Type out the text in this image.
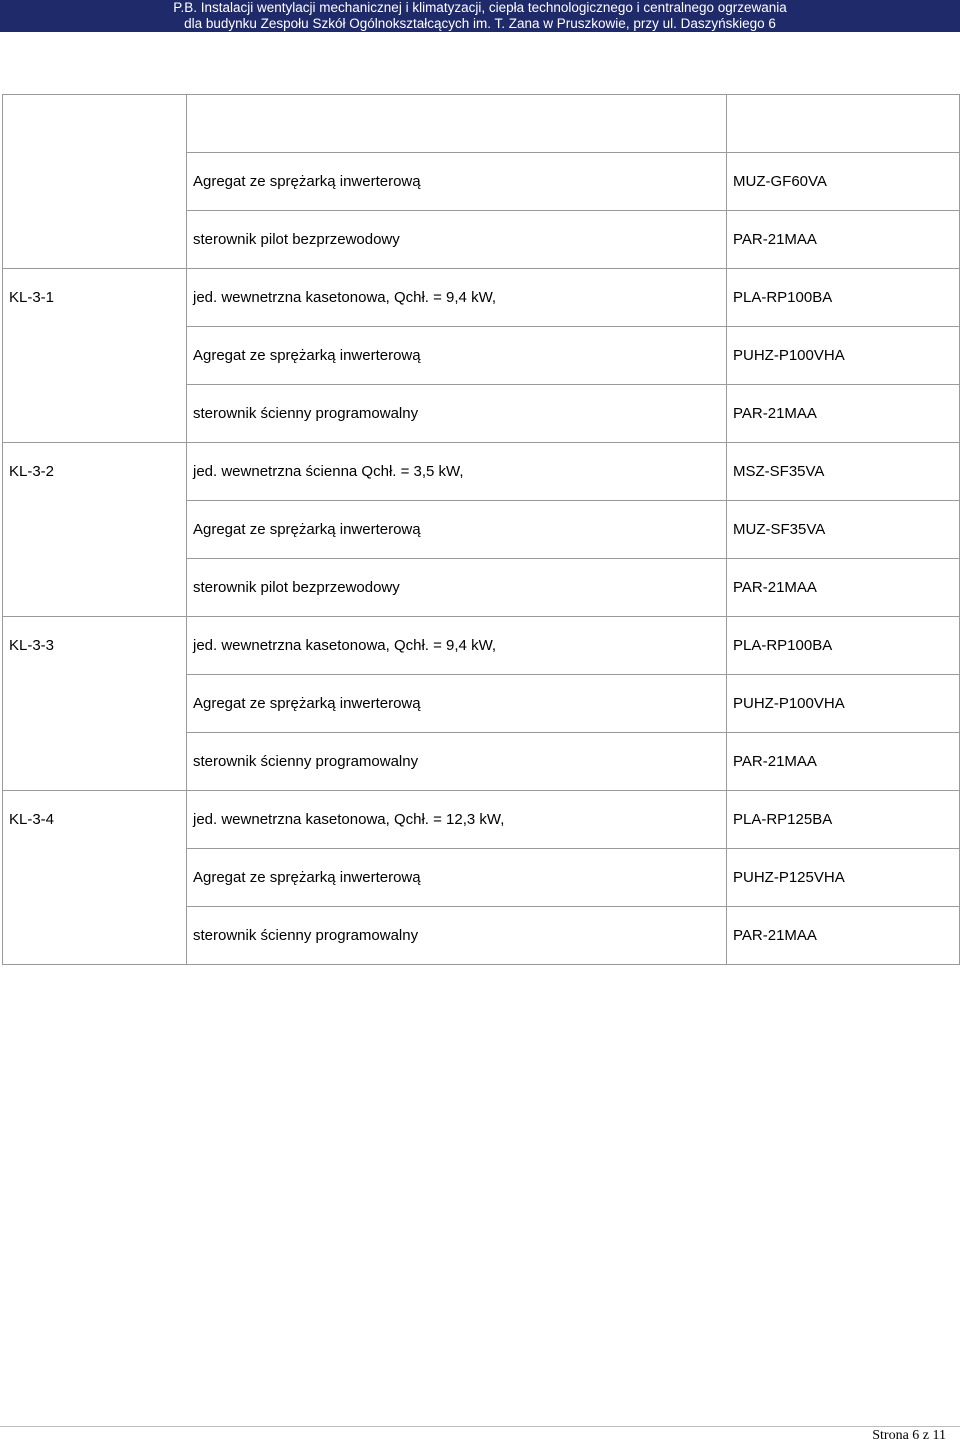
P.B. Instalacji wentylacji mechanicznej i klimatyzacji, ciepła technologicznego i centralnego ogrzewania
dla budynku Zespołu Szkół Ogólnokształcących im. T. Zana w Pruszkowie, przy ul. Daszyńskiego 6

	Agregat ze sprężarką inwerterową	MUZ-GF60VA
	sterownik pilot bezprzewodowy	PAR-21MAA
KL-3-1	jed. wewnetrzna kasetonowa, Qchł. = 9,4 kW,	PLA-RP100BA
	Agregat ze sprężarką inwerterową	PUHZ-P100VHA
	sterownik ścienny programowalny	PAR-21MAA
KL-3-2	jed. wewnetrzna ścienna Qchł. = 3,5 kW,	MSZ-SF35VA
	Agregat ze sprężarką inwerterową	MUZ-SF35VA
	sterownik pilot bezprzewodowy	PAR-21MAA
KL-3-3	jed. wewnetrzna kasetonowa, Qchł. = 9,4 kW,	PLA-RP100BA
	Agregat ze sprężarką inwerterową	PUHZ-P100VHA
	sterownik ścienny programowalny	PAR-21MAA
KL-3-4	jed. wewnetrzna kasetonowa, Qchł. = 12,3 kW,	PLA-RP125BA
	Agregat ze sprężarką inwerterową	PUHZ-P125VHA
	sterownik ścienny programowalny	PAR-21MAA
Strona 6 z 11
